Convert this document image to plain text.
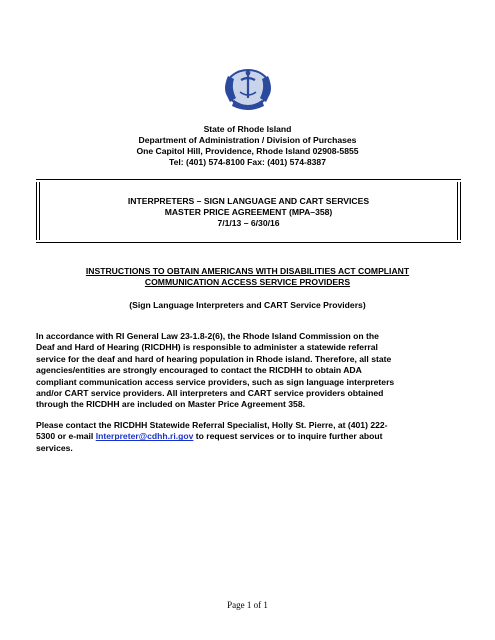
State of Rhode Island
Department of Administration / Division of Purchases
One Capitol Hill, Providence, Rhode Island 02908-5855
Tel: (401) 574-8100 Fax: (401) 574-8387
INTERPRETERS – SIGN LANGUAGE AND CART SERVICES
MASTER PRICE AGREEMENT (MPA–358)
7/1/13 – 6/30/16
INSTRUCTIONS TO OBTAIN AMERICANS WITH DISABILITIES ACT COMPLIANT
COMMUNICATION ACCESS SERVICE PROVIDERS
(Sign Language Interpreters and CART Service Providers)
In accordance with RI General Law 23-1.8-2(6), the Rhode Island Commission on the
Deaf and Hard of Hearing (RICDHH) is responsible to administer a statewide referral
service for the deaf and hard of hearing population in Rhode island. Therefore, all state
agencies/entities are strongly encouraged to contact the RICDHH to obtain ADA
compliant communication access service providers, such as sign language interpreters
and/or CART service providers. All interpreters and CART service providers obtained
through the RICDHH are included on Master Price Agreement 358.
Please contact the RICDHH Statewide Referral Specialist, Holly St. Pierre, at (401) 222-
5300 or e-mail Interpreter@cdhh.ri.gov to request services or to inquire further about
services.
Page 1 of 1
